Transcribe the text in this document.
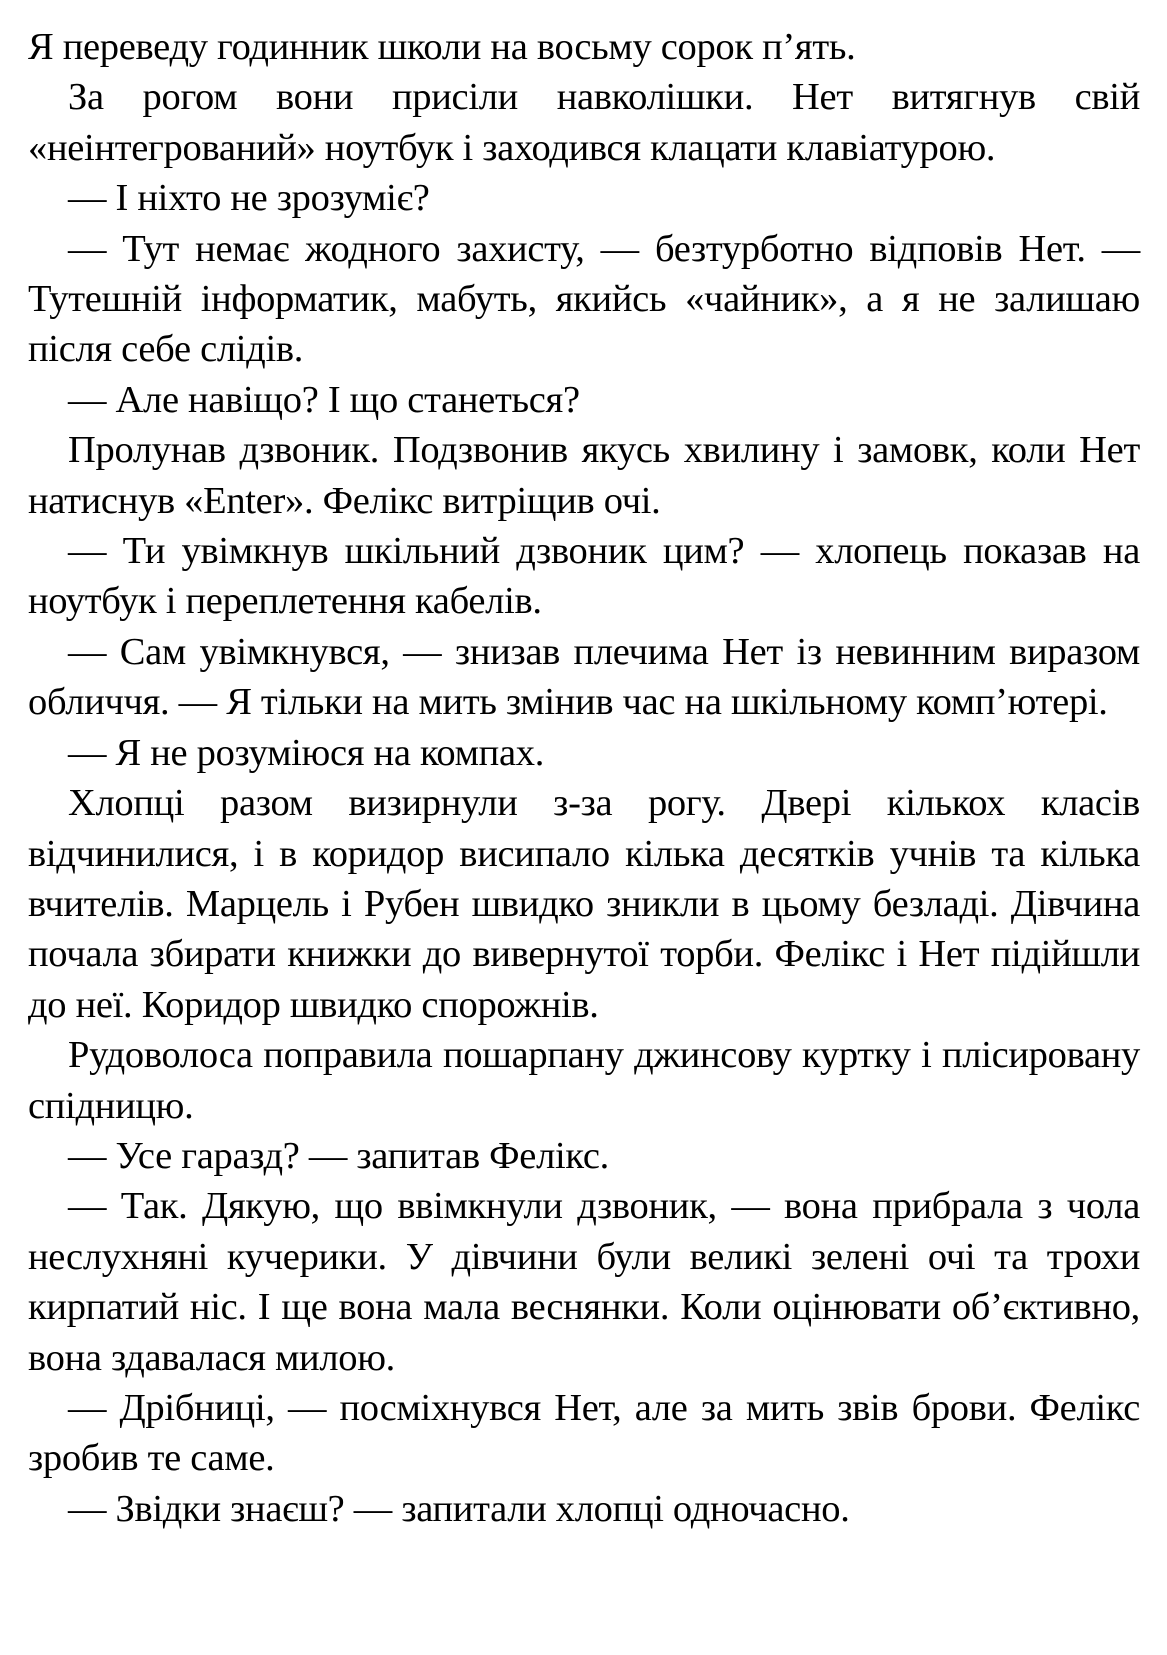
Я переведу годинник школи на восьму сорок п’ять.

За рогом вони присіли навколішки. Нет витягнув свій «неінтегрований» ноутбук і заходився клацати клавіатурою.

— І ніхто не зрозуміє?

— Тут немає жодного захисту, — безтурботно відповів Нет. — Тутешній інформатик, мабуть, якийсь «чайник», а я не залишаю після себе слідів.

— Але навіщо? І що станеться?

Пролунав дзвоник. Подзвонив якусь хвилину і замовк, коли Нет натиснув «Enter». Фелікс витріщив очі.

— Ти увімкнув шкільний дзвоник цим? — хлопець показав на ноутбук і переплетення кабелів.

— Сам увімкнувся, — знизав плечима Нет із невинним виразом обличчя. — Я тільки на мить змінив час на шкільному комп’ютері.

— Я не розуміюся на компах.

Хлопці разом визирнули з-за рогу. Двері кількох класів відчинилися, і в коридор висипало кілька десятків учнів та кілька вчителів. Марцель і Рубен швидко зникли в цьому безладі. Дівчина почала збирати книжки до вивернутої торби. Фелікс і Нет підійшли до неї. Коридор швидко спорожнів.

Рудоволоса поправила пошарпану джинсову куртку і плісировану спідницю.

— Усе гаразд? — запитав Фелікс.

— Так. Дякую, що ввімкнули дзвоник, — вона прибрала з чола неслухняні кучерики. У дівчини були великі зелені очі та трохи кирпатий ніс. І ще вона мала веснянки. Коли оцінювати об’єктивно, вона здавалася милою.

— Дрібниці, — посміхнувся Нет, але за мить звів брови. Фелікс зробив те саме.

— Звідки знаєш? — запитали хлопці одночасно.
